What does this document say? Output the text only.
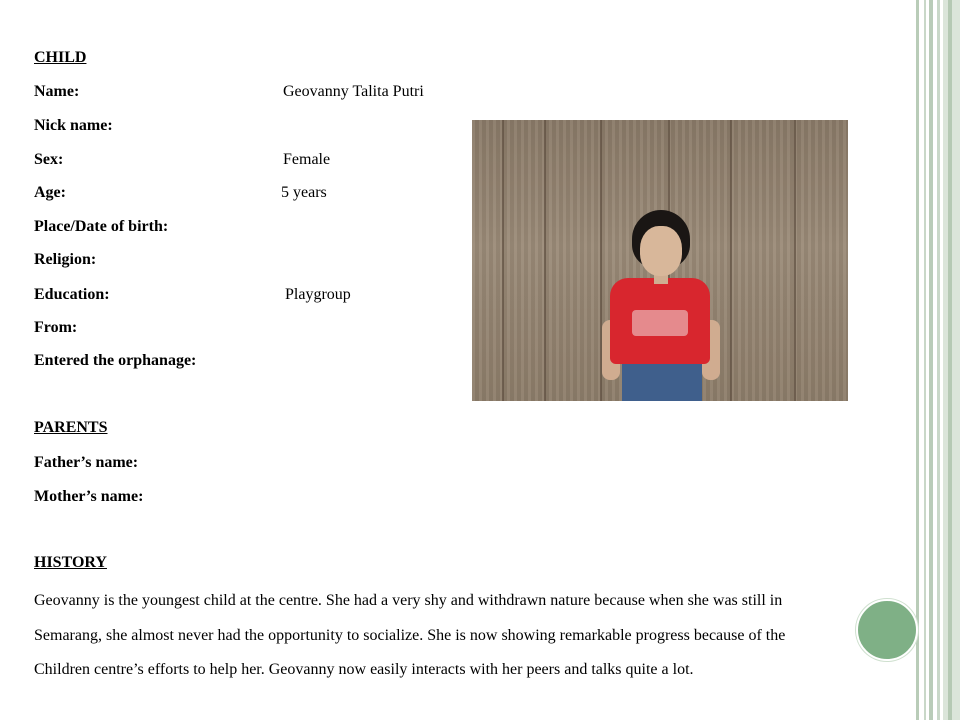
CHILD
Name:	Geovanny Talita Putri
Nick name:
Sex:	Female
Age:	5 years
Place/Date of birth:
Religion:
Education:	Playgroup
From:
Entered the orphanage:
PARENTS
Father’s name:
Mother’s name:
HISTORY
Geovanny is the youngest child at the centre. She had a very shy and withdrawn nature because when she was still in Semarang, she almost never had the opportunity to socialize. She is now showing remarkable progress because of the Children centre’s efforts to help her. Geovanny now easily interacts with her peers and talks quite a lot.
